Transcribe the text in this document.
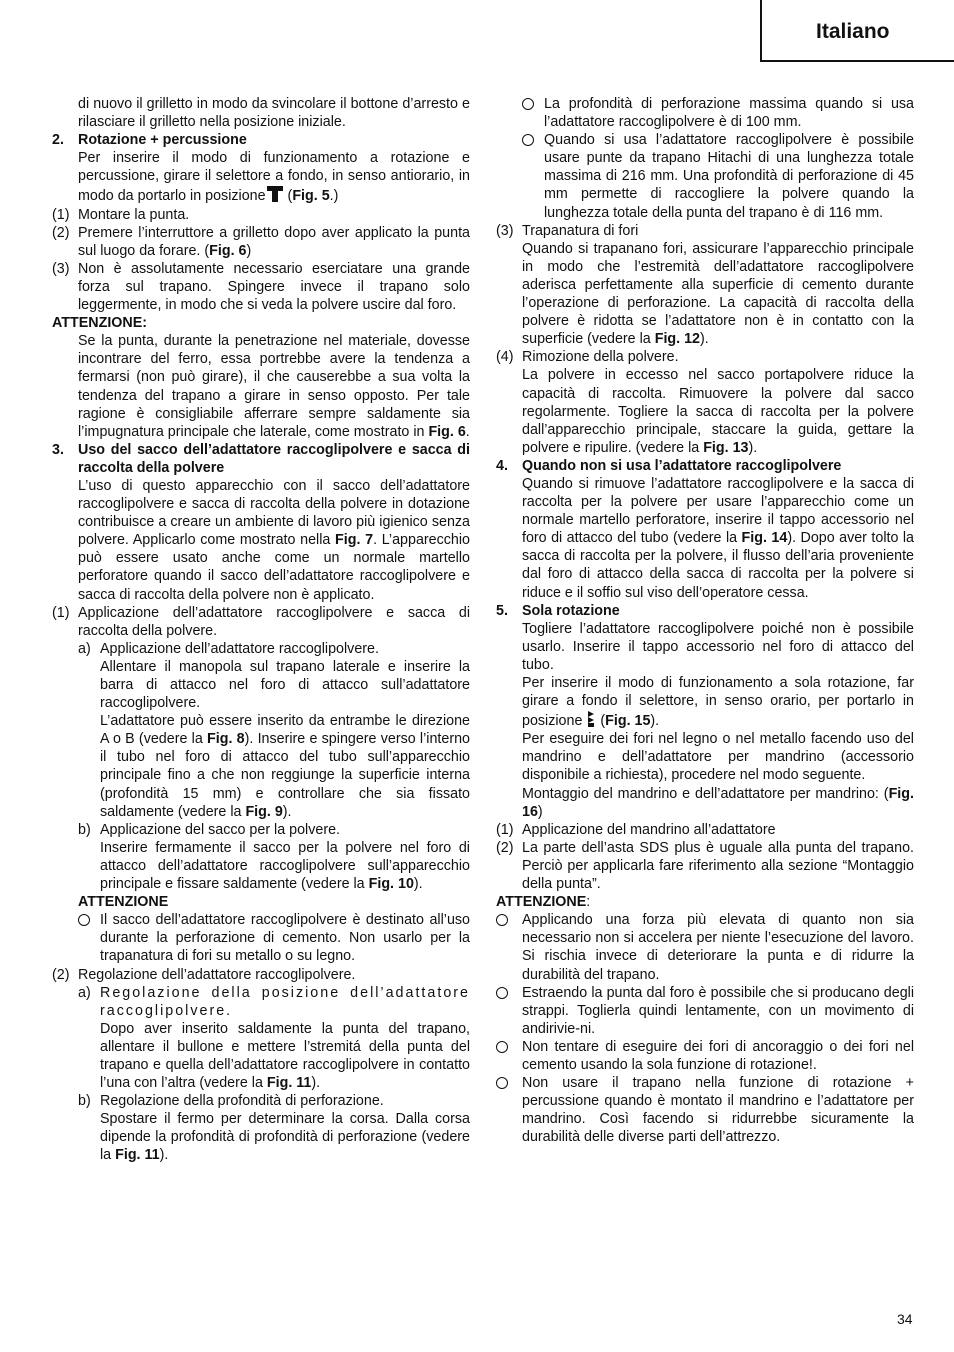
Italiano
di nuovo il grilletto in modo da svincolare il bottone d’arresto e rilasciare il grilletto nella posizione iniziale.
2. Rotazione + percussione
Per inserire il modo di funzionamento a rotazione e percussione, girare il selettore a fondo, in senso antiorario, in modo da portarlo in posizione (Fig. 5.)
(1) Montare la punta.
(2) Premere l’interruttore a grilletto dopo aver applicato la punta sul luogo da forare. (Fig. 6)
(3) Non è assolutamente necessario eserciatare una grande forza sul trapano. Spingere invece il trapano solo leggermente, in modo che si veda la polvere uscire dal foro.
ATTENZIONE:
Se la punta, durante la penetrazione nel materiale, dovesse incontrare del ferro, essa portrebbe avere la tendenza a fermarsi (non può girare), il che causerebbe a sua volta la tendenza del trapano a girare in senso opposto. Per tale ragione è consigliabile afferrare sempre saldamente sia l’impugnatura principale che laterale, come mostrato in Fig. 6.
3. Uso del sacco dell’adattatore raccoglipolvere e sacca di raccolta della polvere
L’uso di questo apparecchio con il sacco dell’adattatore raccoglipolvere e sacca di raccolta della polvere in dotazione contribuisce a creare un ambiente di lavoro più igienico senza polvere. Applicarlo come mostrato nella Fig. 7. L’apparecchio può essere usato anche come un normale martello perforatore quando il sacco dell’adattatore raccoglipolvere e sacca di raccolta della polvere non è applicato.
(1) Applicazione dell’adattatore raccoglipolvere e sacca di raccolta della polvere.
a) Applicazione dell’adattatore raccoglipolvere.
Allentare il manopola sul trapano laterale e inserire la barra di attacco nel foro di attacco sull’adattatore raccoglipolvere.
L’adattatore può essere inserito da entrambe le direzione A o B (vedere la Fig. 8). Inserire e spingere verso l’interno il tubo nel foro di attacco del tubo sull’apparecchio principale fino a che non reggiunge la superficie interna (profondità 15 mm) e controllare che sia fissato saldamente (vedere la Fig. 9).
b) Applicazione del sacco per la polvere.
Inserire fermamente il sacco per la polvere nel foro di attacco dell’adattatore raccoglipolvere sull’apparecchio principale e fissare saldamente (vedere la Fig. 10).
ATTENZIONE
Il sacco dell’adattatore raccoglipolvere è destinato all’uso durante la perforazione di cemento. Non usarlo per la trapanatura di fori su metallo o su legno.
(2) Regolazione dell’adattatore raccoglipolvere.
a) Regolazione della posizione dell’adattatore raccoglipolvere.
Dopo aver inserito saldamente la punta del trapano, allentare il bullone e mettere l’stremitá della punta del trapano e quella dell’adattatore raccoglipolvere in contatto l’una con l’altra (vedere la Fig. 11).
b) Regolazione della profondità di perforazione.
Spostare il fermo per determinare la corsa. Dalla corsa dipende la profondità di profondità di perforazione (vedere la Fig. 11).
La profondità di perforazione massima quando si usa l’adattatore raccoglipolvere è di 100 mm.
Quando si usa l’adattatore raccoglipolvere è possibile usare punte da trapano Hitachi di una lunghezza totale massima di 216 mm. Una profondità di perforazione di 45 mm permette di raccogliere la polvere quando la lunghezza totale della punta del trapano è di 116 mm.
(3) Trapanatura di fori
Quando si trapanano fori, assicurare l’apparecchio principale in modo che l’estremità dell’adattatore raccoglipolvere aderisca perfettamente alla superficie di cemento durante l’operazione di perforazione. La capacità di raccolta della polvere è ridotta se l’adattatore non è in contatto con la superficie (vedere la Fig. 12).
(4) Rimozione della polvere.
La polvere in eccesso nel sacco portapolvere riduce la capacità di raccolta. Rimuovere la polvere dal sacco regolarmente. Togliere la sacca di raccolta per la polvere dall’apparecchio principale, staccare la guida, gettare la polvere e ripulire. (vedere la Fig. 13).
4. Quando non si usa l’adattatore raccoglipolvere
Quando si rimuove l’adattatore raccoglipolvere e la sacca di raccolta per la polvere per usare l’apparecchio come un normale martello perforatore, inserire il tappo accessorio nel foro di attacco del tubo (vedere la Fig. 14). Dopo aver tolto la sacca di raccolta per la polvere, il flusso dell’aria proveniente dal foro di attacco della sacca di raccolta per la polvere si riduce e il soffio sul viso dell’operatore cessa.
5. Sola rotazione
Togliere l’adattatore raccoglipolvere poiché non è possibile usarlo. Inserire il tappo accessorio nel foro di attacco del tubo.
Per inserire il modo di funzionamento a sola rotazione, far girare a fondo il selettore, in senso orario, per portarlo in posizione  (Fig. 15).
Per eseguire dei fori nel legno o nel metallo facendo uso del mandrino e dell’adattatore per mandrino (accessorio disponibile a richiesta), procedere nel modo seguente.
Montaggio del mandrino e dell’adattatore per mandrino: (Fig. 16)
(1) Applicazione del mandrino all’adattatore
(2) La parte dell’asta SDS plus è uguale alla punta del trapano. Perciò per applicarla fare riferimento alla sezione “Montaggio della punta”.
ATTENZIONE:
Applicando una forza più elevata di quanto non sia necessario non si accelera per niente l’esecuzione del lavoro. Si rischia invece di deteriorare la punta e di ridurre la durabilità del trapano.
Estraendo la punta dal foro è possibile che si producano degli strappi. Toglierla quindi lentamente, con un movimento di andirivie-ni.
Non tentare di eseguire dei fori di ancoraggio o dei fori nel cemento usando la sola funzione di rotazione!.
Non usare il trapano nella funzione di rotazione + percussione quando è montato il mandrino e l’adattatore per mandrino. Così facendo si ridurrebbe sicuramente la durabilità delle diverse parti dell’attrezzo.
34
